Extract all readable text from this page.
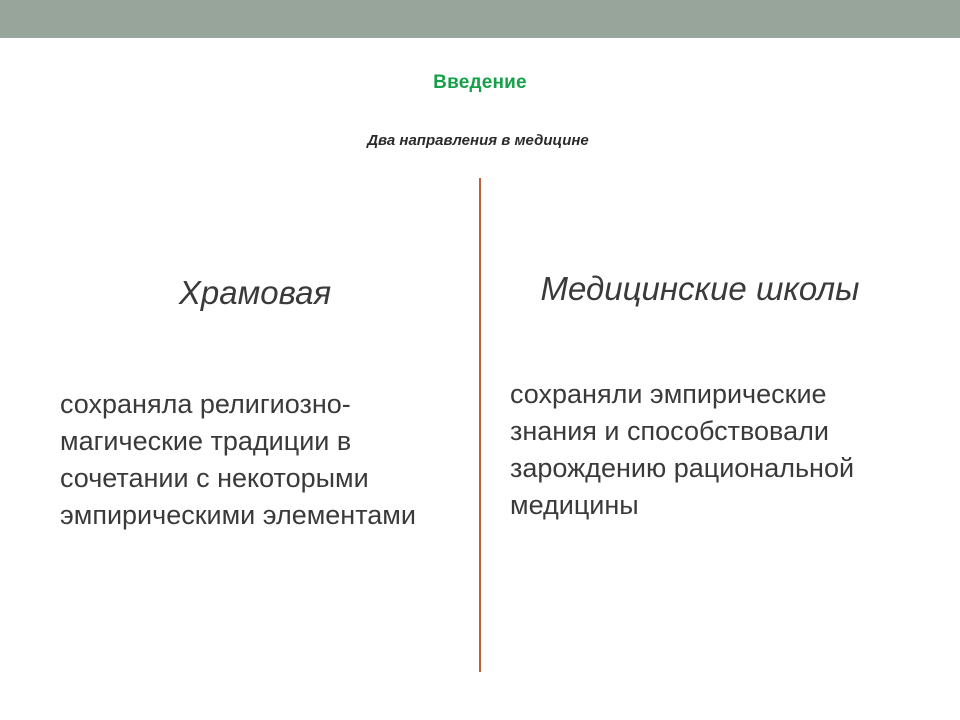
Введение
Два направления в медицине
Храмовая
сохраняла религиозно-магические традиции в сочетании с некоторыми эмпирическими элементами
Медицинские школы
сохраняли эмпирические знания и способствовали зарождению рациональной медицины
